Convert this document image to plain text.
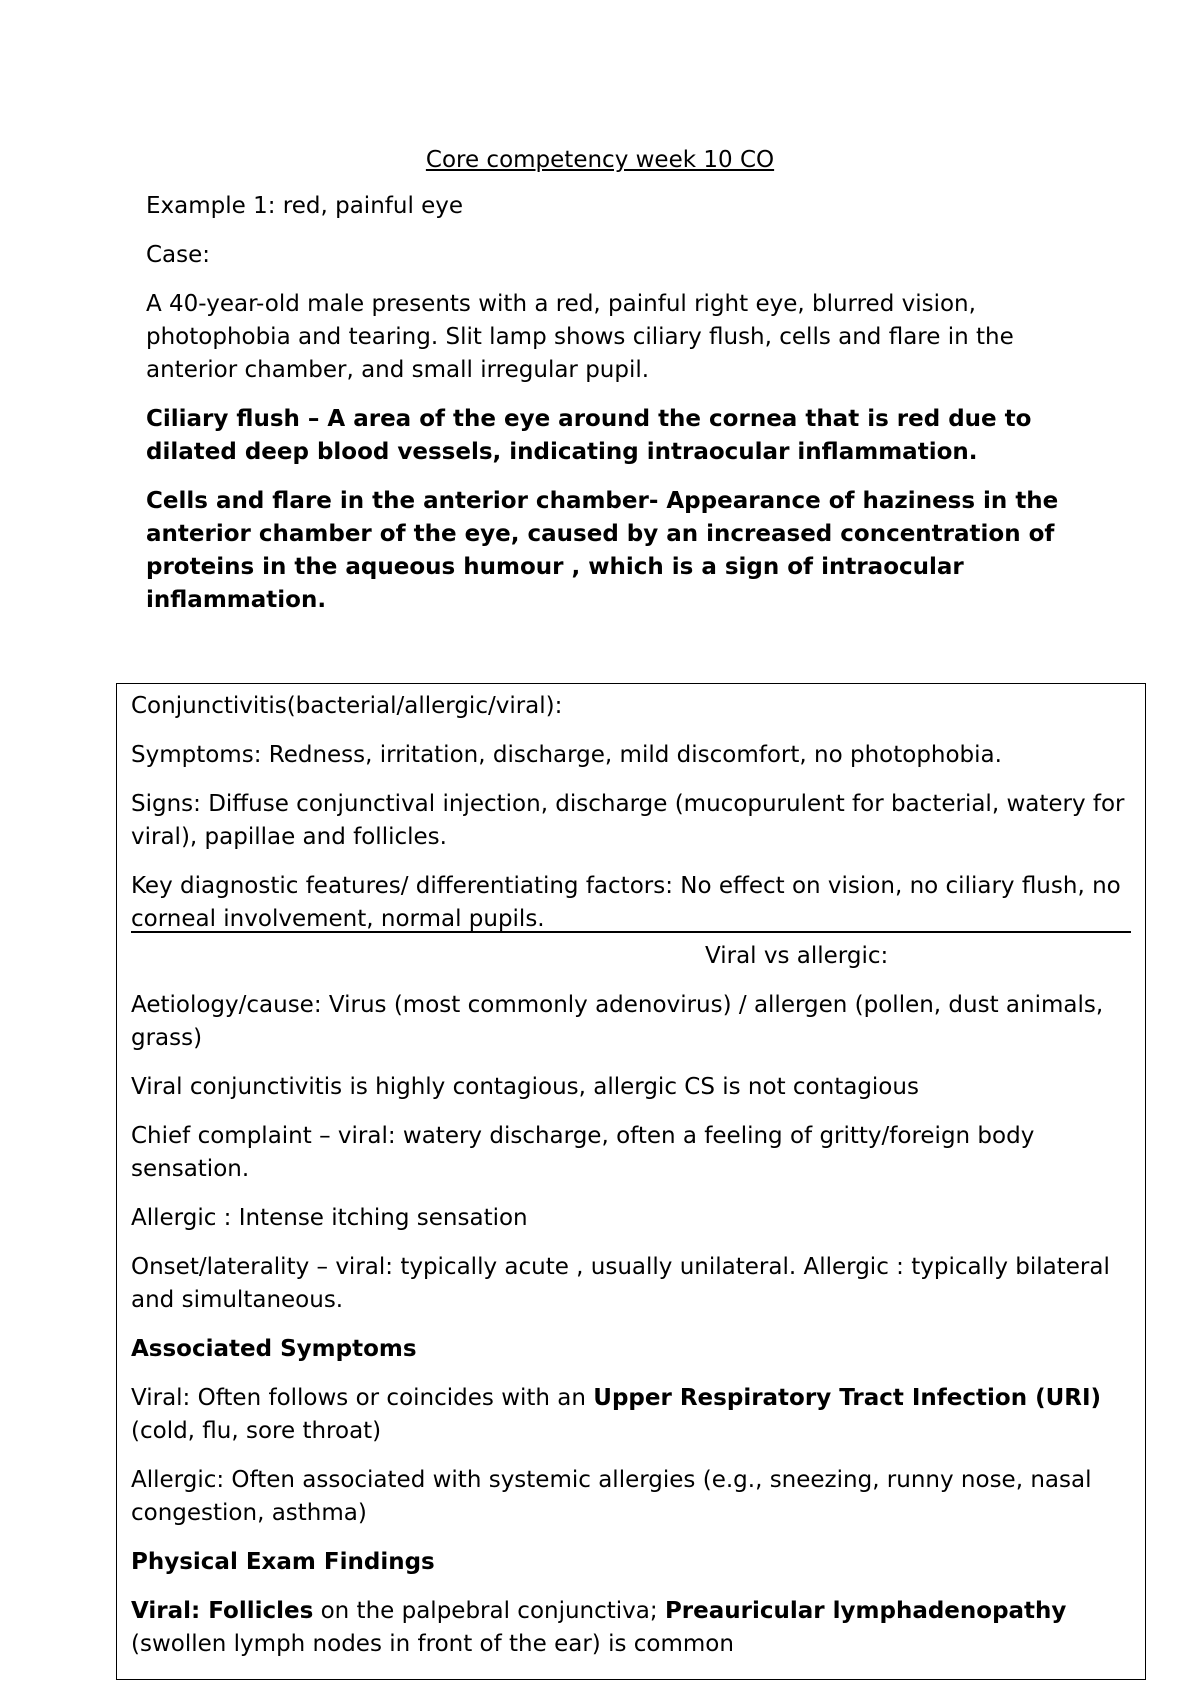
Core competency week 10 CO

Example 1: red, painful eye

Case:

A 40-year-old male presents with a red, painful right eye, blurred vision, photophobia and tearing. Slit lamp shows ciliary flush, cells and flare in the anterior chamber, and small irregular pupil.

Ciliary flush – A area of the eye around the cornea that is red due to dilated deep blood vessels, indicating intraocular inflammation.

Cells and flare in the anterior chamber- Appearance of haziness in the anterior chamber of the eye, caused by an increased concentration of proteins in the aqueous humour , which is a sign of intraocular inflammation.

Conjunctivitis(bacterial/allergic/viral):

Symptoms: Redness, irritation, discharge, mild discomfort, no photophobia.

Signs: Diffuse conjunctival injection, discharge (mucopurulent for bacterial, watery for viral), papillae and follicles.

Key diagnostic features/ differentiating factors: No effect on vision, no ciliary flush, no corneal involvement, normal pupils.

Viral vs allergic:

Aetiology/cause: Virus (most commonly adenovirus) / allergen (pollen, dust animals, grass)

Viral conjunctivitis is highly contagious, allergic CS is not contagious

Chief complaint – viral: watery discharge, often a feeling of gritty/foreign body sensation.

Allergic : Intense itching sensation

Onset/laterality – viral: typically acute , usually unilateral. Allergic : typically bilateral and simultaneous.

Associated Symptoms

Viral: Often follows or coincides with an Upper Respiratory Tract Infection (URI) (cold, flu, sore throat)

Allergic: Often associated with systemic allergies (e.g., sneezing, runny nose, nasal congestion, asthma)

Physical Exam Findings

Viral: Follicles on the palpebral conjunctiva; Preauricular lymphadenopathy (swollen lymph nodes in front of the ear) is common
